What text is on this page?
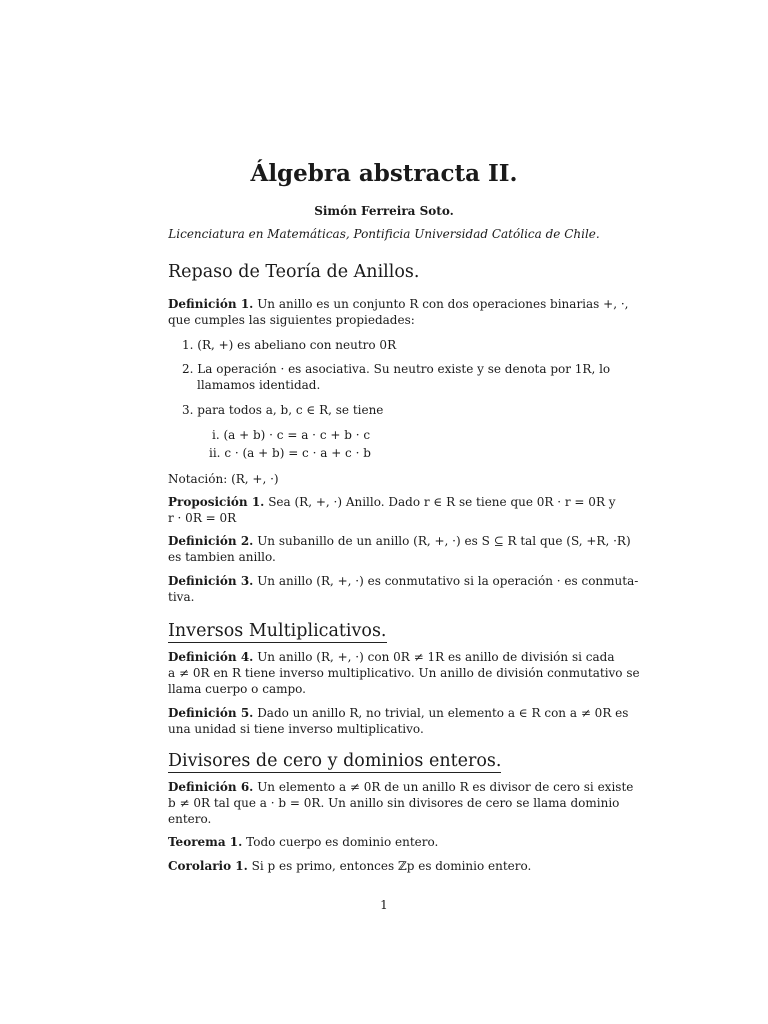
Álgebra abstracta II.
Simón Ferreira Soto.
Licenciatura en Matemáticas, Pontificia Universidad Católica de Chile.
Repaso de Teoría de Anillos.
Definición 1. Un anillo es un conjunto R con dos operaciones binarias +, ·,
que cumples las siguientes propiedades:
1. (R, +) es abeliano con neutro 0R
2. La operación · es asociativa. Su neutro existe y se denota por 1R, lo
llamamos identidad.
3. para todos a, b, c ∈ R, se tiene
i. (a + b) · c = a · c + b · c
ii. c · (a + b) = c · a + c · b
Notación: (R, +, ·)
Proposición 1. Sea (R, +, ·) Anillo. Dado r ∈ R se tiene que 0R · r = 0R y
r · 0R = 0R
Definición 2. Un subanillo de un anillo (R, +, ·) es S ⊆ R tal que (S, +R, ·R)
es tambien anillo.
Definición 3. Un anillo (R, +, ·) es conmutativo si la operación · es conmuta-
tiva.
Inversos Multiplicativos.
Definición 4. Un anillo (R, +, ·) con 0R ≠ 1R es anillo de división si cada
a ≠ 0R en R tiene inverso multiplicativo. Un anillo de división conmutativo se
llama cuerpo o campo.
Definición 5. Dado un anillo R, no trivial, un elemento a ∈ R con a ≠ 0R es
una unidad si tiene inverso multiplicativo.
Divisores de cero y dominios enteros.
Definición 6. Un elemento a ≠ 0R de un anillo R es divisor de cero si existe
b ≠ 0R tal que a · b = 0R. Un anillo sin divisores de cero se llama dominio
entero.
Teorema 1. Todo cuerpo es dominio entero.
Corolario 1. Si p es primo, entonces ℤp es dominio entero.
1
